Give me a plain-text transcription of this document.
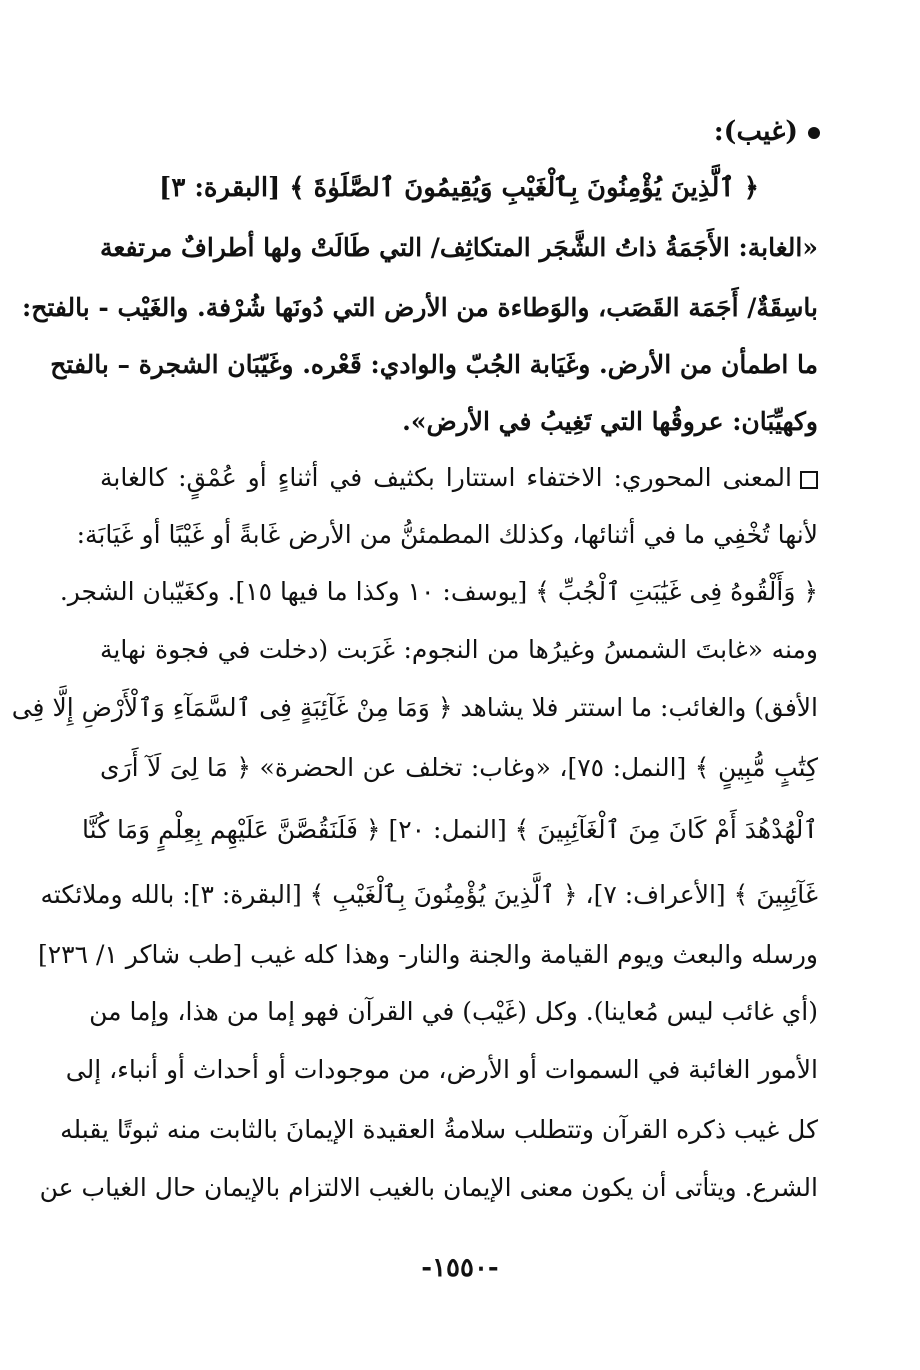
(غيب):
﴿ ٱلَّذِينَ يُؤْمِنُونَ بِٱلْغَيْبِ وَيُقِيمُونَ ٱلصَّلَوٰةَ ﴾ [البقرة: ٣]
«الغابة: الأَجَمَةُ ذاتُ الشَّجَر المتكاثِف/ التي طَالَتْ ولها أطرافٌ مرتفعة
باسِقَةٌ/ أَجَمَة القَصَب، والوَطاءة من الأرض التي دُونَها شُرْفة. والغَيْب - بالفتح:
ما اطمأن من الأرض. وغَيَابة الجُبّ والوادي: قَعْره. وغَيّبَان الشجرة – بالفتح
وكهيِّبَان: عروقُها التي تَغِيبُ في الأرض».
المعنى المحوري: الاختفاء استتارا بكثيف في أثناءٍ أو عُمْقٍ: كالغابة
لأنها تُخْفِي ما في أثنائها، وكذلك المطمئنُّ من الأرض غَابةً أو غَيْبًا أو غَيَابَة:
﴿ وَأَلْقُوهُ فِى غَيَٰبَتِ ٱلْجُبِّ ﴾ [يوسف: ١٠ وكذا ما فيها ١٥]. وكغَيّبان الشجر.
ومنه «غابتَ الشمسُ وغيرُها من النجوم: غَرَبت (دخلت في فجوة نهاية
الأفق) والغائب: ما استتر فلا يشاهد ﴿ وَمَا مِنْ غَآئِبَةٍ فِى ٱلسَّمَآءِ وَٱلْأَرْضِ إِلَّا فِى
كِتَٰبٍ مُّبِينٍ ﴾ [النمل: ٧٥]، «وغاب: تخلف عن الحضرة» ﴿ مَا لِىَ لَآ أَرَى
ٱلْهُدْهُدَ أَمْ كَانَ مِنَ ٱلْغَآئِبِينَ ﴾ [النمل: ٢٠] ﴿ فَلَنَقُصَّنَّ عَلَيْهِم بِعِلْمٍ وَمَا كُنَّا
غَآئِبِينَ ﴾ [الأعراف: ٧]، ﴿ ٱلَّذِينَ يُؤْمِنُونَ بِٱلْغَيْبِ ﴾ [البقرة: ٣]: بالله وملائكته
ورسله والبعث ويوم القيامة والجنة والنار- وهذا كله غيب [طب شاكر ١/ ٢٣٦]
(أي غائب ليس مُعاينا). وكل (غَيْب) في القرآن فهو إما من هذا، وإما من
الأمور الغائبة في السموات أو الأرض، من موجودات أو أحداث أو أنباء، إلى
كل غيب ذكره القرآن وتتطلب سلامةُ العقيدة الإيمانَ بالثابت منه ثبوتًا يقبله
الشرع. ويتأتى أن يكون معنى الإيمان بالغيب الالتزام بالإيمان حال الغياب عن
-١٥٥٠-
